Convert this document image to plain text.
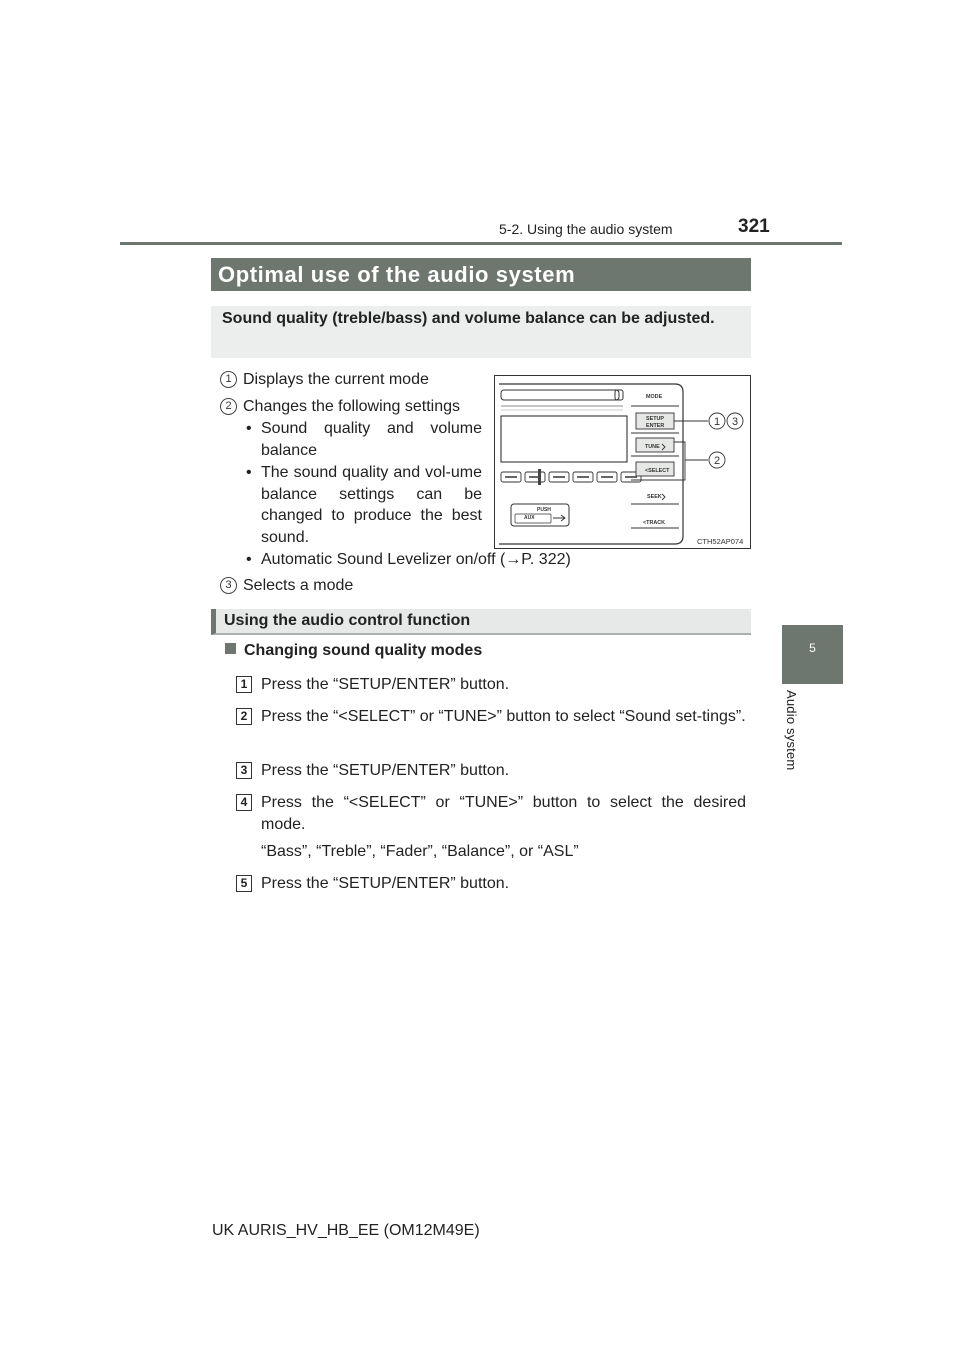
5-2. Using the audio system	321
5
Audio system
Optimal use of the audio system

Sound quality (treble/bass) and volume balance can be adjusted.

1 Displays the current mode
2 Changes the following settings
• Sound quality and volume balance
• The sound quality and vol-ume balance settings can be changed to produce the best sound.
• Automatic Sound Levelizer on/off (→P. 322)
3 Selects a mode
PUSH
AUX
MODE
SETUP
ENTER
TUNE
<SELECT
SEEK
<TRACK
1 3
2
CTH52AP074
Using the audio control function
Changing sound quality modes
1 Press the “SETUP/ENTER” button.
2 Press the “<SELECT” or “TUNE>” button to select “Sound set-tings”.
3 Press the “SETUP/ENTER” button.
4 Press the “<SELECT” or “TUNE>” button to select the desired mode.
“Bass”, “Treble”, “Fader”, “Balance”, or “ASL”
5 Press the “SETUP/ENTER” button.
UK AURIS_HV_HB_EE (OM12M49E)
